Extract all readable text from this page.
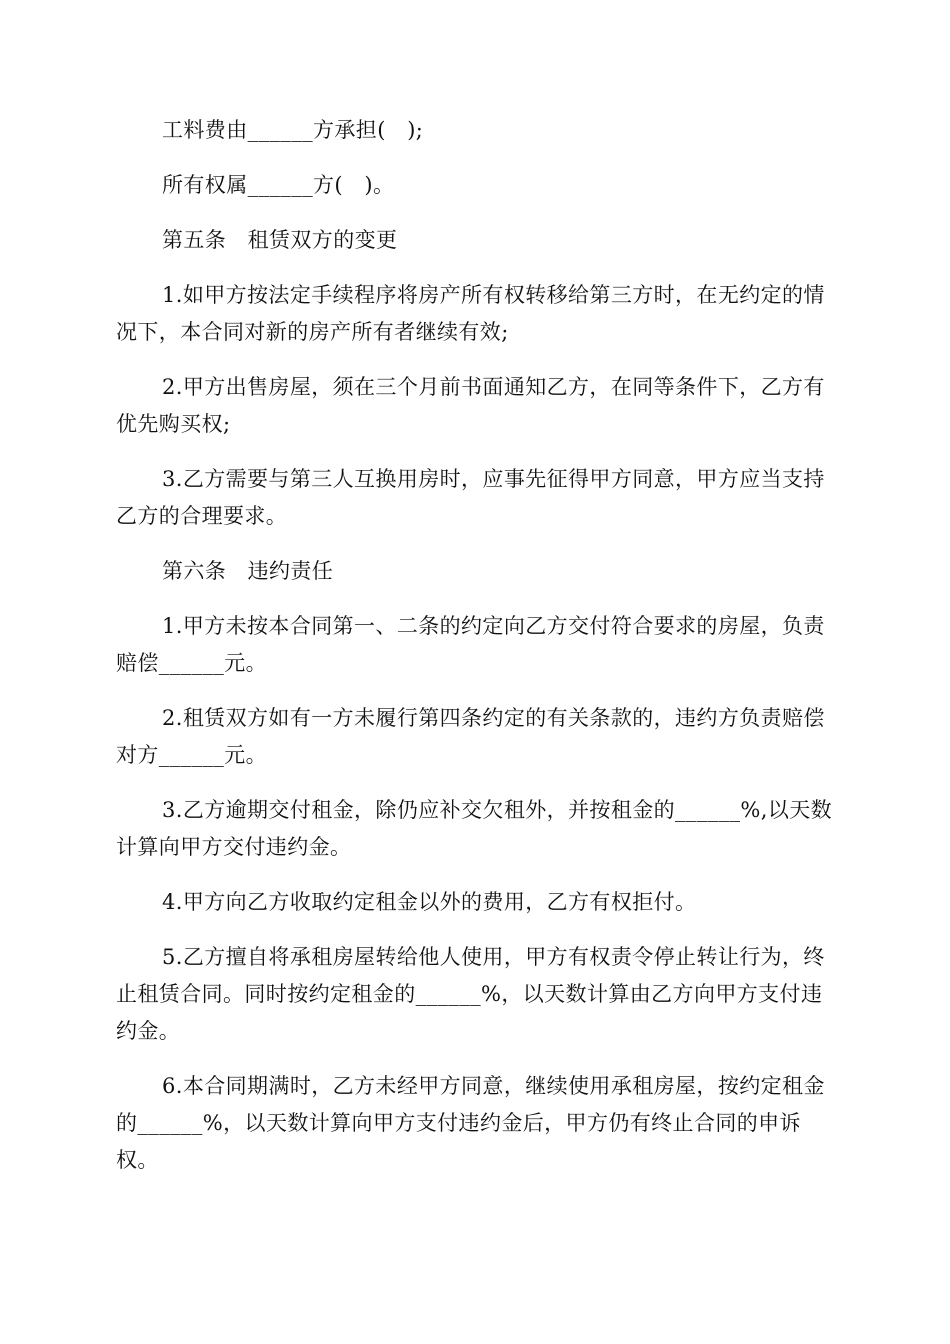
工料费由______方承担(　);

所有权属______方(　)。

第五条　租赁双方的变更

1.如甲方按法定手续程序将房产所有权转移给第三方时，在无约定的情况下，本合同对新的房产所有者继续有效;

2.甲方出售房屋，须在三个月前书面通知乙方，在同等条件下，乙方有优先购买权;

3.乙方需要与第三人互换用房时，应事先征得甲方同意，甲方应当支持乙方的合理要求。

第六条　违约责任

1.甲方未按本合同第一、二条的约定向乙方交付符合要求的房屋，负责赔偿______元。

2.租赁双方如有一方未履行第四条约定的有关条款的，违约方负责赔偿对方______元。

3.乙方逾期交付租金，除仍应补交欠租外，并按租金的______%,以天数计算向甲方交付违约金。

4.甲方向乙方收取约定租金以外的费用，乙方有权拒付。

5.乙方擅自将承租房屋转给他人使用，甲方有权责令停止转让行为，终止租赁合同。同时按约定租金的______%，以天数计算由乙方向甲方支付违约金。

6.本合同期满时，乙方未经甲方同意，继续使用承租房屋，按约定租金的______%，以天数计算向甲方支付违约金后，甲方仍有终止合同的申诉权。
